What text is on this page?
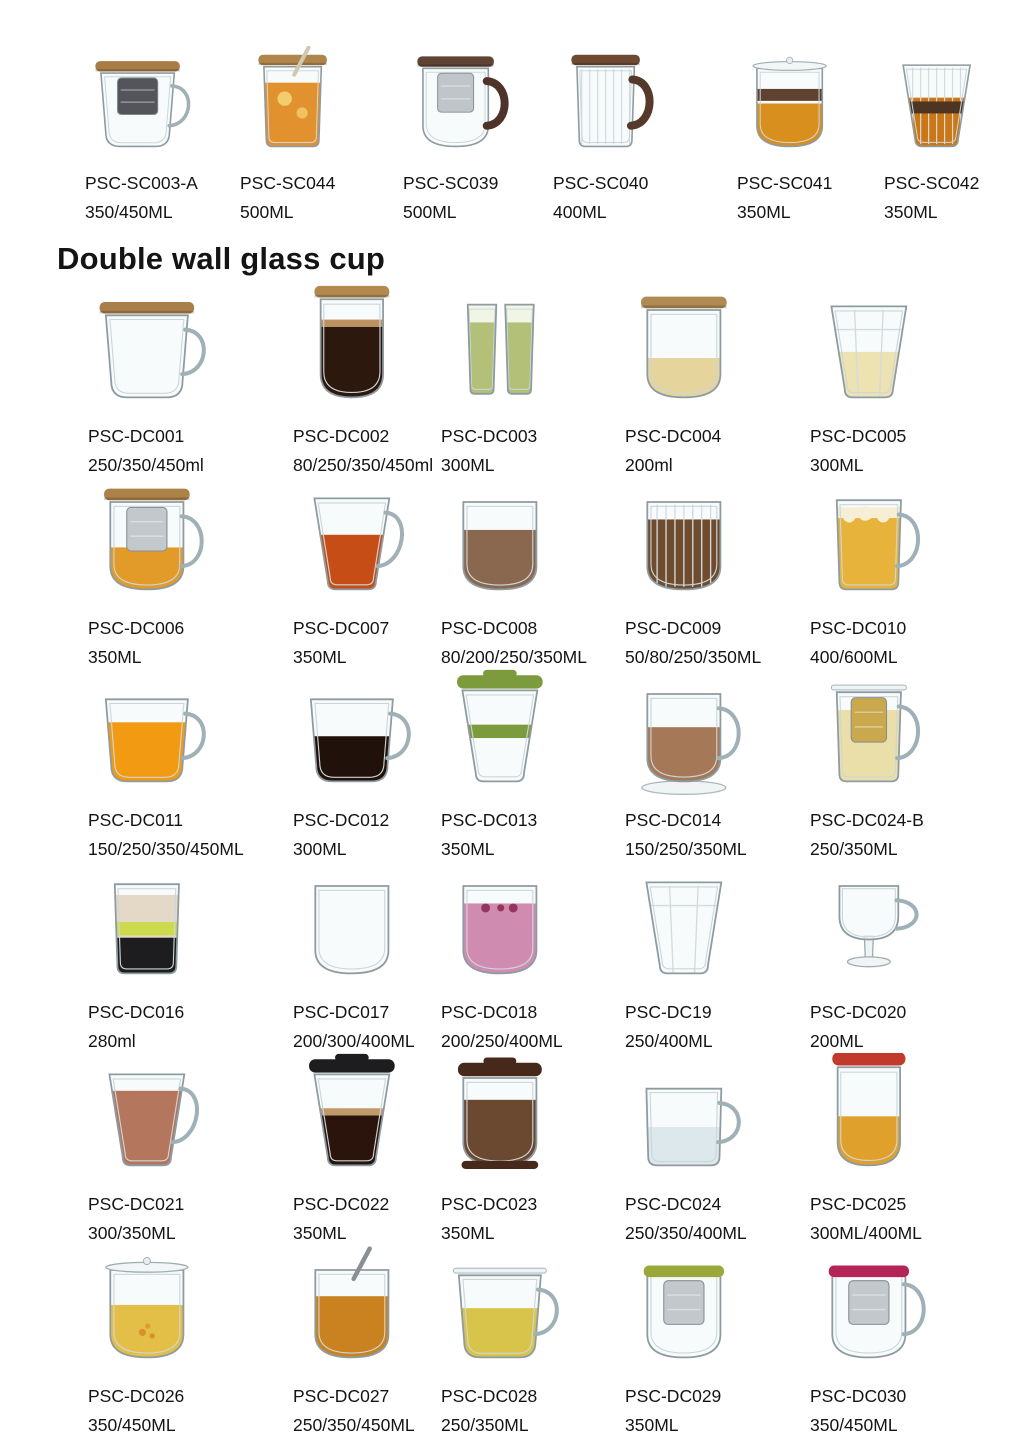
PSC-SC003-A
350/450ML
PSC-SC044
500ML
PSC-SC039
500ML
PSC-SC040
400ML
PSC-SC041
350ML
PSC-SC042
350ML
Double wall glass cup
PSC-DC001
250/350/450ml
PSC-DC002
80/250/350/450ml
PSC-DC003
300ML
PSC-DC004
200ml
PSC-DC005
300ML
PSC-DC006
350ML
PSC-DC007
350ML
PSC-DC008
80/200/250/350ML
PSC-DC009
50/80/250/350ML
PSC-DC010
400/600ML
PSC-DC011
150/250/350/450ML
PSC-DC012
300ML
PSC-DC013
350ML
PSC-DC014
150/250/350ML
PSC-DC024-B
250/350ML
PSC-DC016
280ml
PSC-DC017
200/300/400ML
PSC-DC018
200/250/400ML
PSC-DC19
250/400ML
PSC-DC020
200ML
PSC-DC021
300/350ML
PSC-DC022
350ML
PSC-DC023
350ML
PSC-DC024
250/350/400ML
PSC-DC025
300ML/400ML
PSC-DC026
350/450ML
PSC-DC027
250/350/450ML
PSC-DC028
250/350ML
PSC-DC029
350ML
PSC-DC030
350/450ML
